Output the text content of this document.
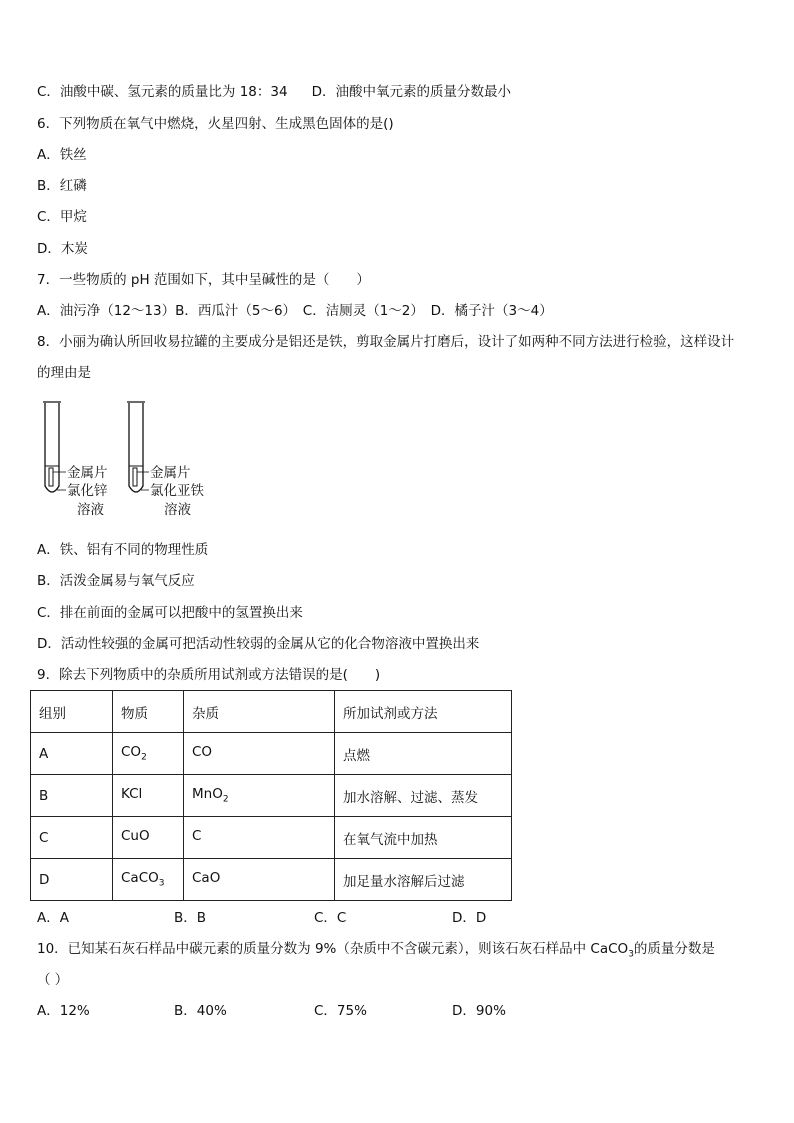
C．油酸中碳、氢元素的质量比为 18：34 D．油酸中氧元素的质量分数最小
6．下列物质在氧气中燃烧，火星四射、生成黑色固体的是()
A．铁丝
B．红磷
C．甲烷
D．木炭
7．一些物质的 pH 范围如下，其中呈碱性的是（　　）
A．油污净（12～13）B．西瓜汁（5～6）　C．洁厕灵（1～2）　D．橘子汁（3～4）
8．小丽为确认所回收易拉罐的主要成分是铝还是铁，剪取金属片打磨后，设计了如两种不同方法进行检验，这样设计
的理由是
金属片
氯化锌
溶液
金属片
氯化亚铁
溶液
A．铁、铝有不同的物理性质
B．活泼金属易与氧气反应
C．排在前面的金属可以把酸中的氢置换出来
D．活动性较强的金属可把活动性较弱的金属从它的化合物溶液中置换出来
9．除去下列物质中的杂质所用试剂或方法错误的是(　　)
组别	物质	杂质	所加试剂或方法
A	$CO_2$	CO	点燃
B	KCl	MnO$_2$	加水溶解、过滤、蒸发
C	CuO	C	在氧气流中加热
D	CaCO$_3$	CaO	加足量水溶解后过滤
A．A	B．B	C．C	D．D
10．已知某石灰石样品中碳元素的质量分数为 9%（杂质中不含碳元素），则该石灰石样品中 CaCO$_3$的质量分数是
（ ）
A．12%	B．40%	C．75%	D．90%
